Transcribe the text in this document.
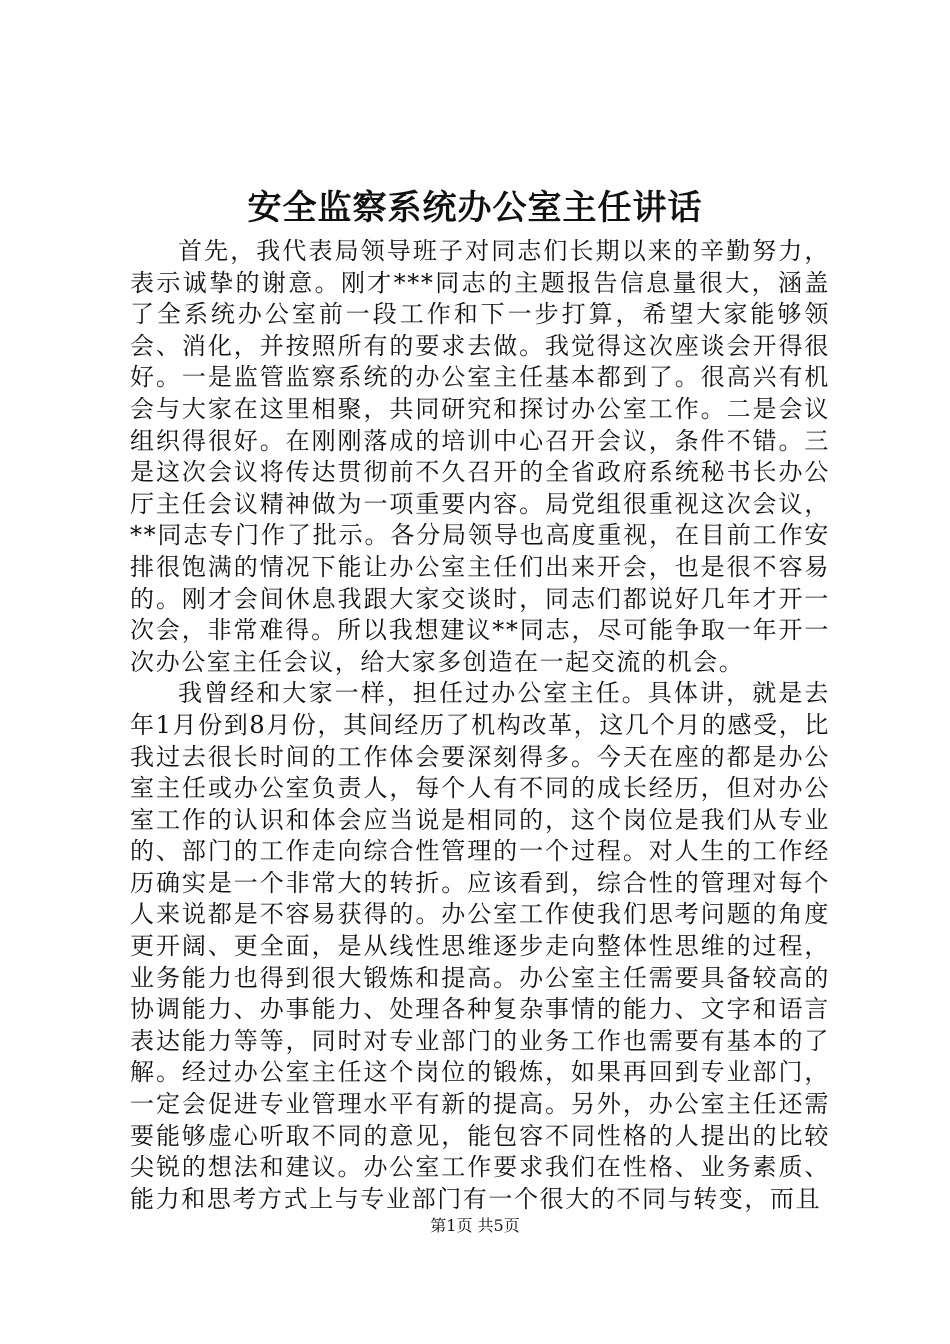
安全监察系统办公室主任讲话

首先，我代表局领导班子对同志们长期以来的辛勤努力，表示诚挚的谢意。刚才***同志的主题报告信息量很大，涵盖了全系统办公室前一段工作和下一步打算，希望大家能够领会、消化，并按照所有的要求去做。我觉得这次座谈会开得很好。一是监管监察系统的办公室主任基本都到了。很高兴有机会与大家在这里相聚，共同研究和探讨办公室工作。二是会议组织得很好。在刚刚落成的培训中心召开会议，条件不错。三是这次会议将传达贯彻前不久召开的全省政府系统秘书长办公厅主任会议精神做为一项重要内容。局党组很重视这次会议，**同志专门作了批示。各分局领导也高度重视，在目前工作安排很饱满的情况下能让办公室主任们出来开会，也是很不容易的。刚才会间休息我跟大家交谈时，同志们都说好几年才开一次会，非常难得。所以我想建议**同志，尽可能争取一年开一次办公室主任会议，给大家多创造在一起交流的机会。

我曾经和大家一样，担任过办公室主任。具体讲，就是去年1月份到8月份，其间经历了机构改革，这几个月的感受，比我过去很长时间的工作体会要深刻得多。今天在座的都是办公室主任或办公室负责人，每个人有不同的成长经历，但对办公室工作的认识和体会应当说是相同的，这个岗位是我们从专业的、部门的工作走向综合性管理的一个过程。对人生的工作经历确实是一个非常大的转折。应该看到，综合性的管理对每个人来说都是不容易获得的。办公室工作使我们思考问题的角度更开阔、更全面，是从线性思维逐步走向整体性思维的过程，业务能力也得到很大锻炼和提高。办公室主任需要具备较高的协调能力、办事能力、处理各种复杂事情的能力、文字和语言表达能力等等，同时对专业部门的业务工作也需要有基本的了解。经过办公室主任这个岗位的锻炼，如果再回到专业部门，一定会促进专业管理水平有新的提高。另外，办公室主任还需要能够虚心听取不同的意见，能包容不同性格的人提出的比较尖锐的想法和建议。办公室工作要求我们在性格、业务素质、能力和思考方式上与专业部门有一个很大的不同与转变，而且

第1页 共5页
